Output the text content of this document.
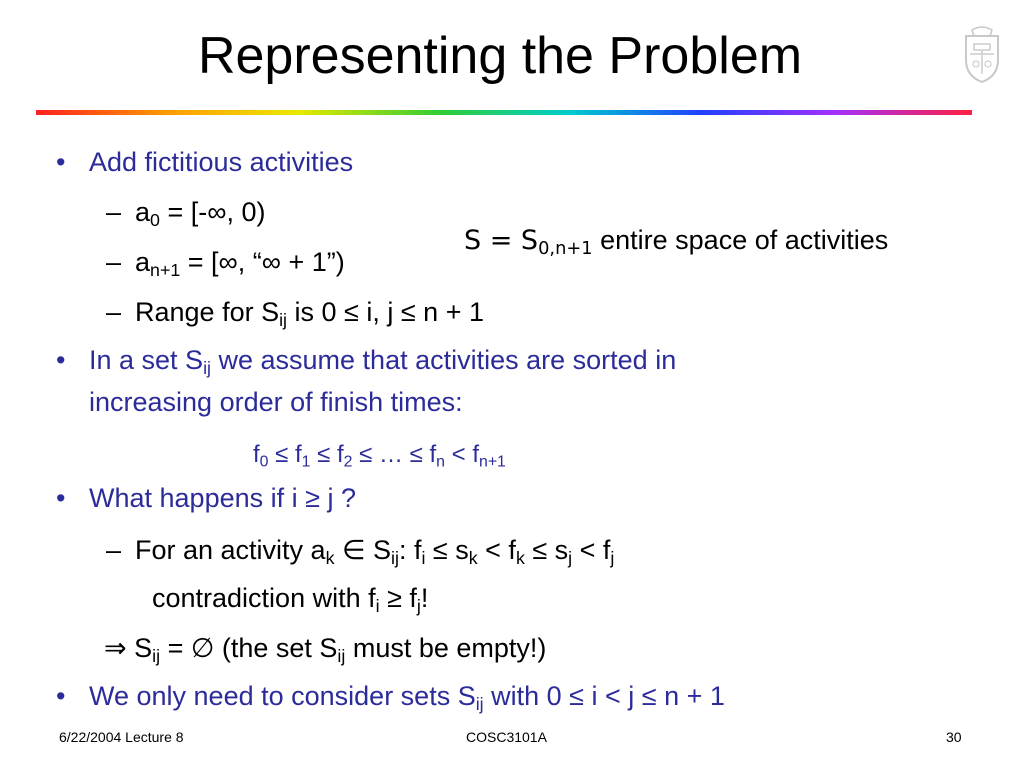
Representing the Problem
• Add fictitious activities
– $a_0$ = [-∞, 0)
– $a_{n+1}$ = [∞, “∞ + 1”)
– Range for $S_{ij}$ is 0 ≤ i, j ≤ n + 1
$S = S_{0,n+1}$ entire space of activities
• In a set $S_{ij}$ we assume that activities are sorted in
increasing order of finish times:
$f_0 \le f_1 \le f_2$ ≤ … ≤ $f_n < f_{n+1}$
• What happens if i ≥ j ?
– For an activity $a_k$ ∈ $S_{ij}$: $f_i \le s_k < f_k \le s_j < f_j$
contradiction with $f_i \ge f_j$!
⇒ $S_{ij}$ = ∅ (the set $S_{ij}$ must be empty!)
• We only need to consider sets $S_{ij}$ with 0 ≤ i < j ≤ n + 1
6/22/2004 Lecture 8	COSC3101A	30
